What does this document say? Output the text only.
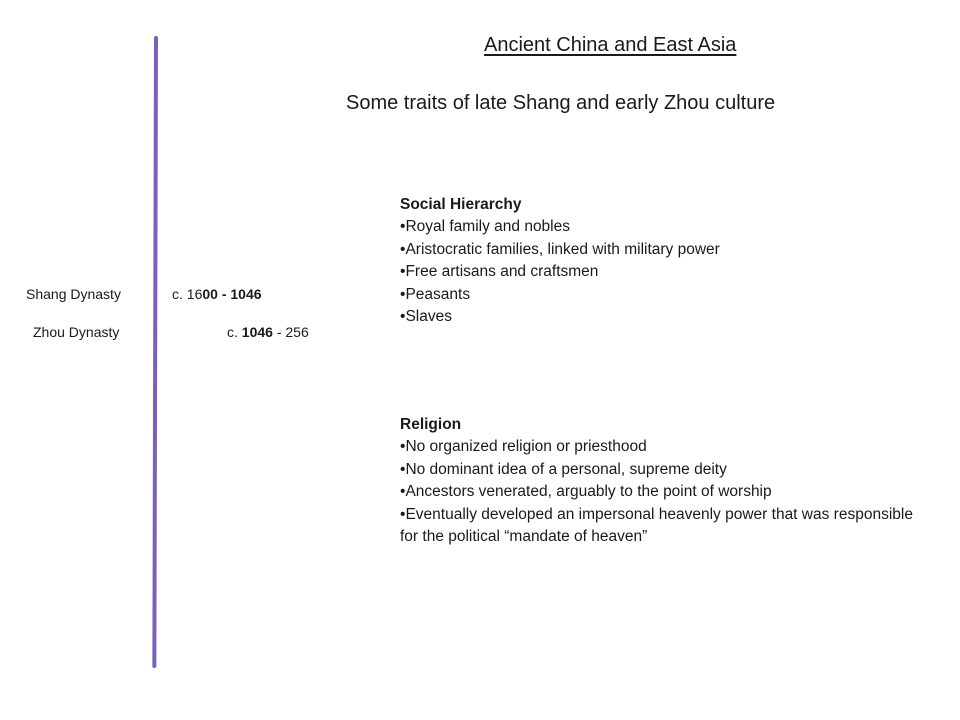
Ancient China and East Asia
Some traits of late Shang and early Zhou culture
Shang Dynasty	c. 1600 - 1046
Zhou Dynasty	c. 1046 - 256
Social Hierarchy
• Royal family and nobles
• Aristocratic families, linked with military power
• Free artisans and craftsmen
• Peasants
• Slaves
Religion
• No organized religion or priesthood
• No dominant idea of a personal, supreme deity
• Ancestors venerated, arguably to the point of worship
• Eventually developed an impersonal heavenly power that was responsible for the political “mandate of heaven”
